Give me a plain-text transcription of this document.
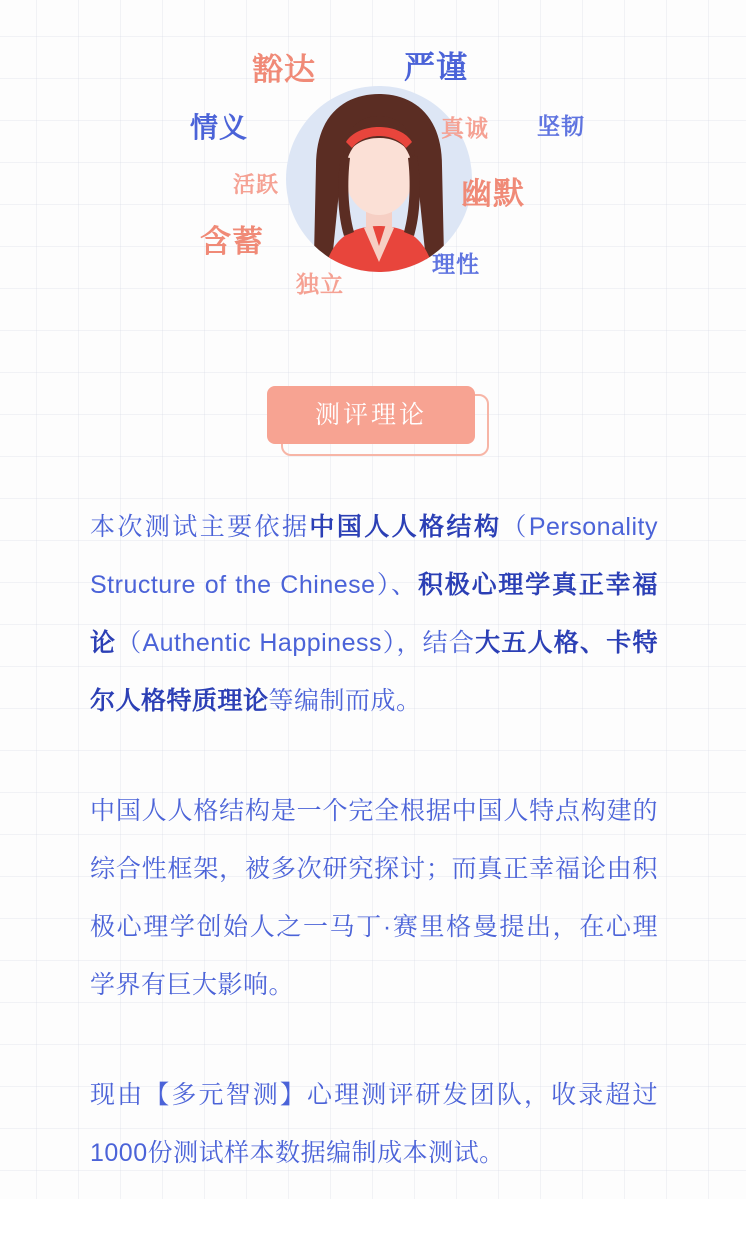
豁达	严谨
情义	真诚 坚韧
活跃	幽默
含蓄
理性
独立
测评理论

本次测试主要依据中国人人格结构（Personality Structure of the Chinese）、积极心理学真正幸福论（Authentic Happiness），结合大五人格、卡特尔人格特质理论等编制而成。

中国人人格结构是一个完全根据中国人特点构建的综合性框架，被多次研究探讨；而真正幸福论由积极心理学创始人之一马丁·赛里格曼提出，在心理学界有巨大影响。

现由【多元智测】心理测评研发团队，收录超过1000份测试样本数据编制成本测试。
